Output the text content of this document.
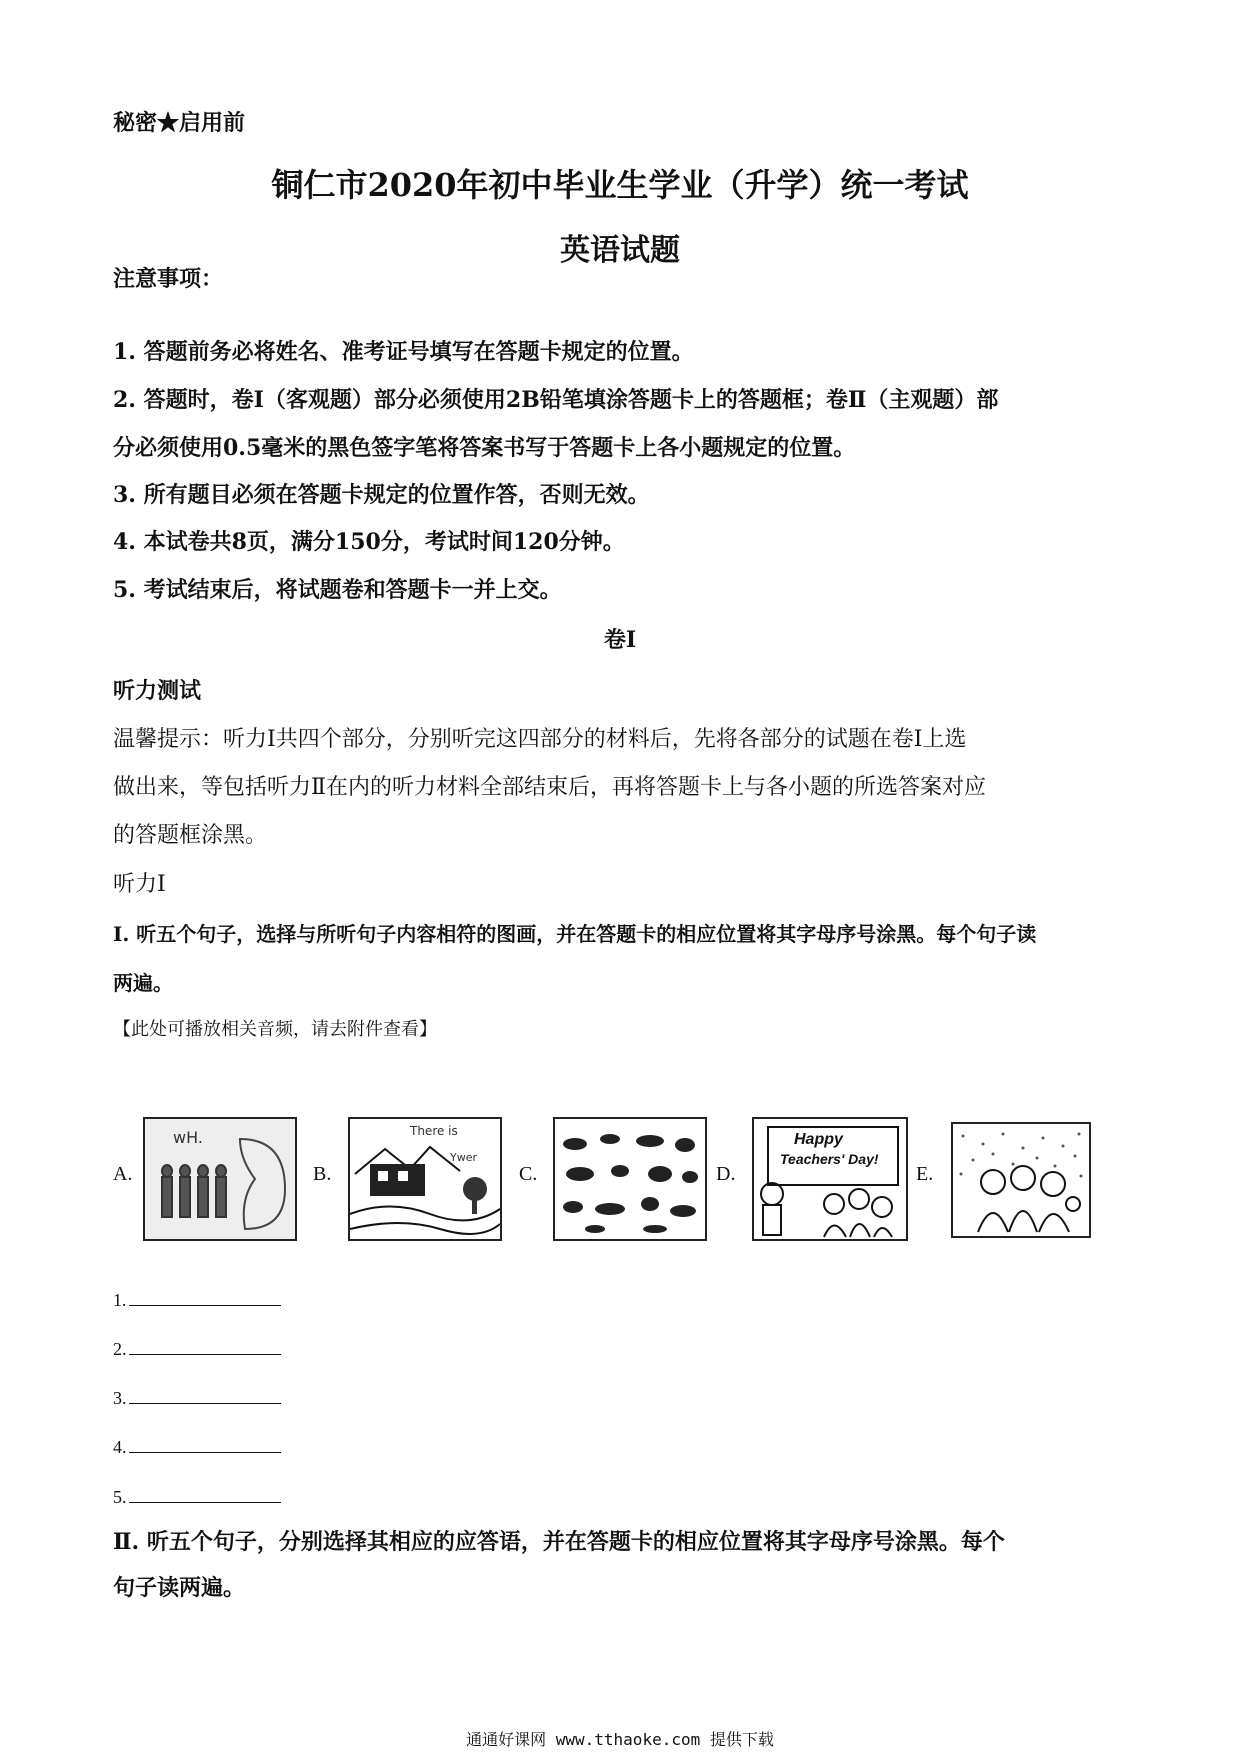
秘密★启用前
铜仁市2020年初中毕业生学业（升学）统一考试
英语试题
注意事项：
1. 答题前务必将姓名、准考证号填写在答题卡规定的位置。
2. 答题时，卷Ⅰ（客观题）部分必须使用2B铅笔填涂答题卡上的答题框；卷Ⅱ（主观题）部
分必须使用0.5毫米的黑色签字笔将答案书写于答题卡上各小题规定的位置。
3. 所有题目必须在答题卡规定的位置作答，否则无效。
4. 本试卷共8页，满分150分，考试时间120分钟。
5. 考试结束后，将试题卷和答题卡一并上交。
卷Ⅰ
听力测试
温馨提示：听力Ⅰ共四个部分，分别听完这四部分的材料后，先将各部分的试题在卷Ⅰ上选
做出来，等包括听力Ⅱ在内的听力材料全部结束后，再将答题卡上与各小题的所选答案对应
的答题框涂黑。
听力Ⅰ
Ⅰ. 听五个句子，选择与所听句子内容相符的图画，并在答题卡的相应位置将其字母序号涂黑。每个句子读
两遍。
【此处可播放相关音频，请去附件查看】
A.
wH.
B.
There is
Ywer
C.	D.
Happy
Teachers' Day!
E.
1.
2.
3.
4.
5.
Ⅱ. 听五个句子，分别选择其相应的应答语，并在答题卡的相应位置将其字母序号涂黑。每个
句子读两遍。
通通好课网 www.tthaoke.com 提供下载
